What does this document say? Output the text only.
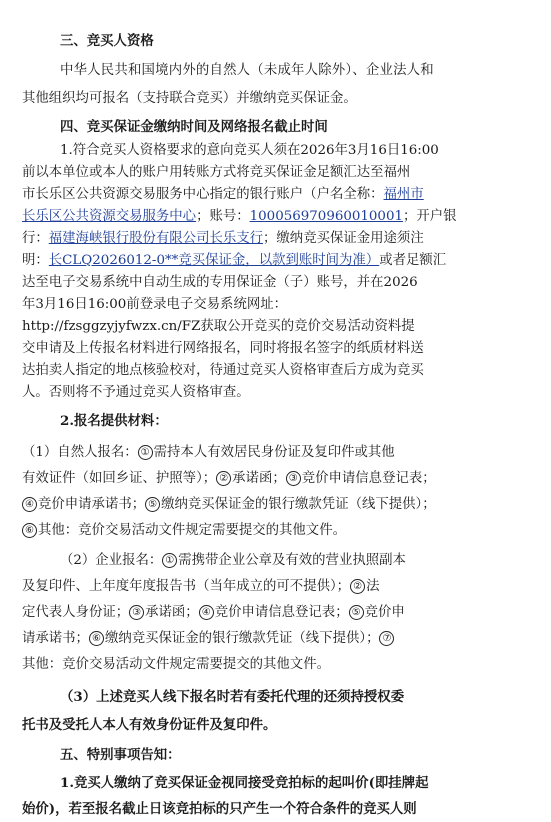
三、竞买人资格
中华人民共和国境内外的自然人（未成年人除外）、企业法人和
其他组织均可报名（支持联合竞买）并缴纳竞买保证金。
四、竞买保证金缴纳时间及网络报名截止时间
1.符合竞买人资格要求的意向竞买人须在2026年3月16日16:00
前以本单位或本人的账户用转账方式将竞买保证金足额汇达至福州
市长乐区公共资源交易服务中心指定的银行账户（户名全称：福州市
长乐区公共资源交易服务中心；账号：100056970960010001；开户银
行：福建海峡银行股份有限公司长乐支行；缴纳竞买保证金用途须注
明：长CLQ2026012-0**竞买保证金，以款到账时间为准）或者足额汇
达至电子交易系统中自动生成的专用保证金（子）账号，并在2026
年3月16日16:00前登录电子交易系统网址：
http://fzsggzyjyfwzx.cn/FZ获取公开竞买的竞价交易活动资料提
交申请及上传报名材料进行网络报名，同时将报名签字的纸质材料送
达拍卖人指定的地点核验校对，待通过竞买人资格审查后方成为竞买
人。否则将不予通过竞买人资格审查。
2.报名提供材料：
（1）自然人报名： ① 需持本人有效居民身份证及复印件或其他
有效证件（如回乡证、护照等）； ② 承诺函； ③ 竞价申请信息登记表；
④ 竞价申请承诺书； ⑤ 缴纳竞买保证金的银行缴款凭证（线下提供）；
⑥ 其他：竞价交易活动文件规定需要提交的其他文件。
（2）企业报名： ① 需携带企业公章及有效的营业执照副本
及复印件、上年度年度报告书（当年成立的可不提供）； ② 法
定代表人身份证； ③ 承诺函； ④ 竞价申请信息登记表； ⑤ 竞价申
请承诺书； ⑥ 缴纳竞买保证金的银行缴款凭证（线下提供）； ⑦
其他：竞价交易活动文件规定需要提交的其他文件。
（3）上述竞买人线下报名时若有委托代理的还须持授权委
托书及受托人本人有效身份证件及复印件。
五、特别事项告知：
1.竞买人缴纳了竞买保证金视同接受竞拍标的起叫价(即挂牌起
始价)，若至报名截止日该竞拍标的只产生一个符合条件的竞买人则
